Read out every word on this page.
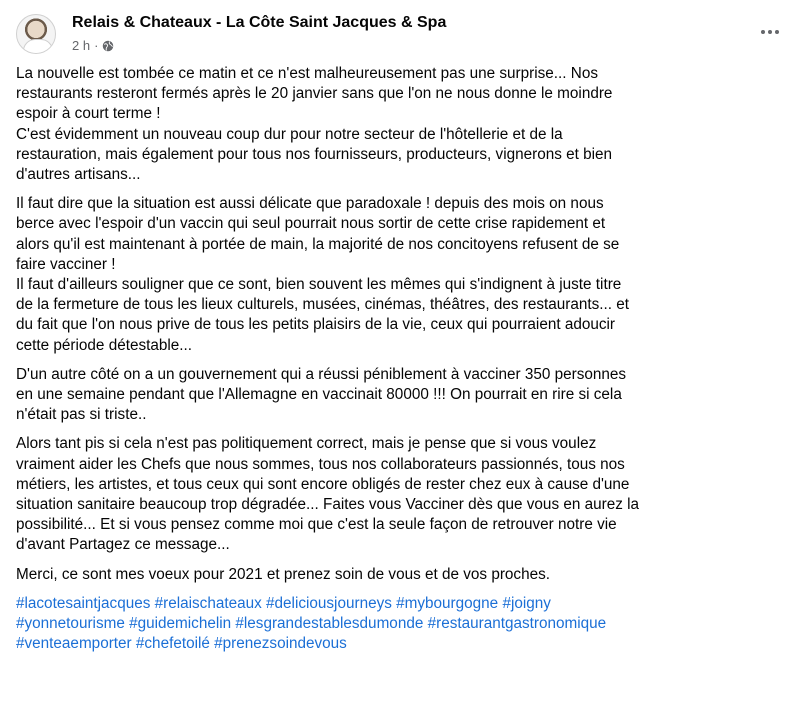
Relais & Chateaux - La Côte Saint Jacques & Spa
2 h ·

La nouvelle est tombée ce matin et ce n'est malheureusement pas une surprise... Nos
restaurants resteront fermés après le 20 janvier sans que l'on ne nous donne le moindre
espoir à court terme !
C'est évidemment un nouveau coup dur pour notre secteur de l'hôtellerie et de la
restauration, mais également pour tous nos fournisseurs, producteurs, vignerons et bien
d'autres artisans...

Il faut dire que la situation est aussi délicate que paradoxale ! depuis des mois on nous
berce avec l'espoir d'un vaccin qui seul pourrait nous sortir de cette crise rapidement et
alors qu'il est maintenant à portée de main, la majorité de nos concitoyens refusent de se
faire vacciner !
Il faut d'ailleurs souligner que ce sont, bien souvent les mêmes qui s'indignent à juste titre
de la fermeture de tous les lieux culturels, musées, cinémas, théâtres, des restaurants... et
du fait que l'on nous prive de tous les petits plaisirs de la vie, ceux qui pourraient adoucir
cette période détestable...

D'un autre côté on a un gouvernement qui a réussi péniblement à vacciner 350 personnes
en une semaine pendant que l'Allemagne en vaccinait 80000 !!! On pourrait en rire si cela
n'était pas si triste..

Alors tant pis si cela n'est pas politiquement correct, mais je pense que si vous voulez
vraiment aider les Chefs que nous sommes, tous nos collaborateurs passionnés, tous nos
métiers, les artistes, et tous ceux qui sont encore obligés de rester chez eux à cause d'une
situation sanitaire beaucoup trop dégradée... Faites vous Vacciner dès que vous en aurez la
possibilité... Et si vous pensez comme moi que c'est la seule façon de retrouver notre vie
d'avant Partagez ce message...

Merci, ce sont mes voeux pour 2021 et prenez soin de vous et de vos proches.

#lacotesaintjacques #relaischateaux #deliciousjourneys #mybourgogne #joigny
#yonnetourisme #guidemichelin #lesgrandestablesdumonde #restaurantgastronomique
#venteaemporter #chefetoilé #prenezsoindevous
